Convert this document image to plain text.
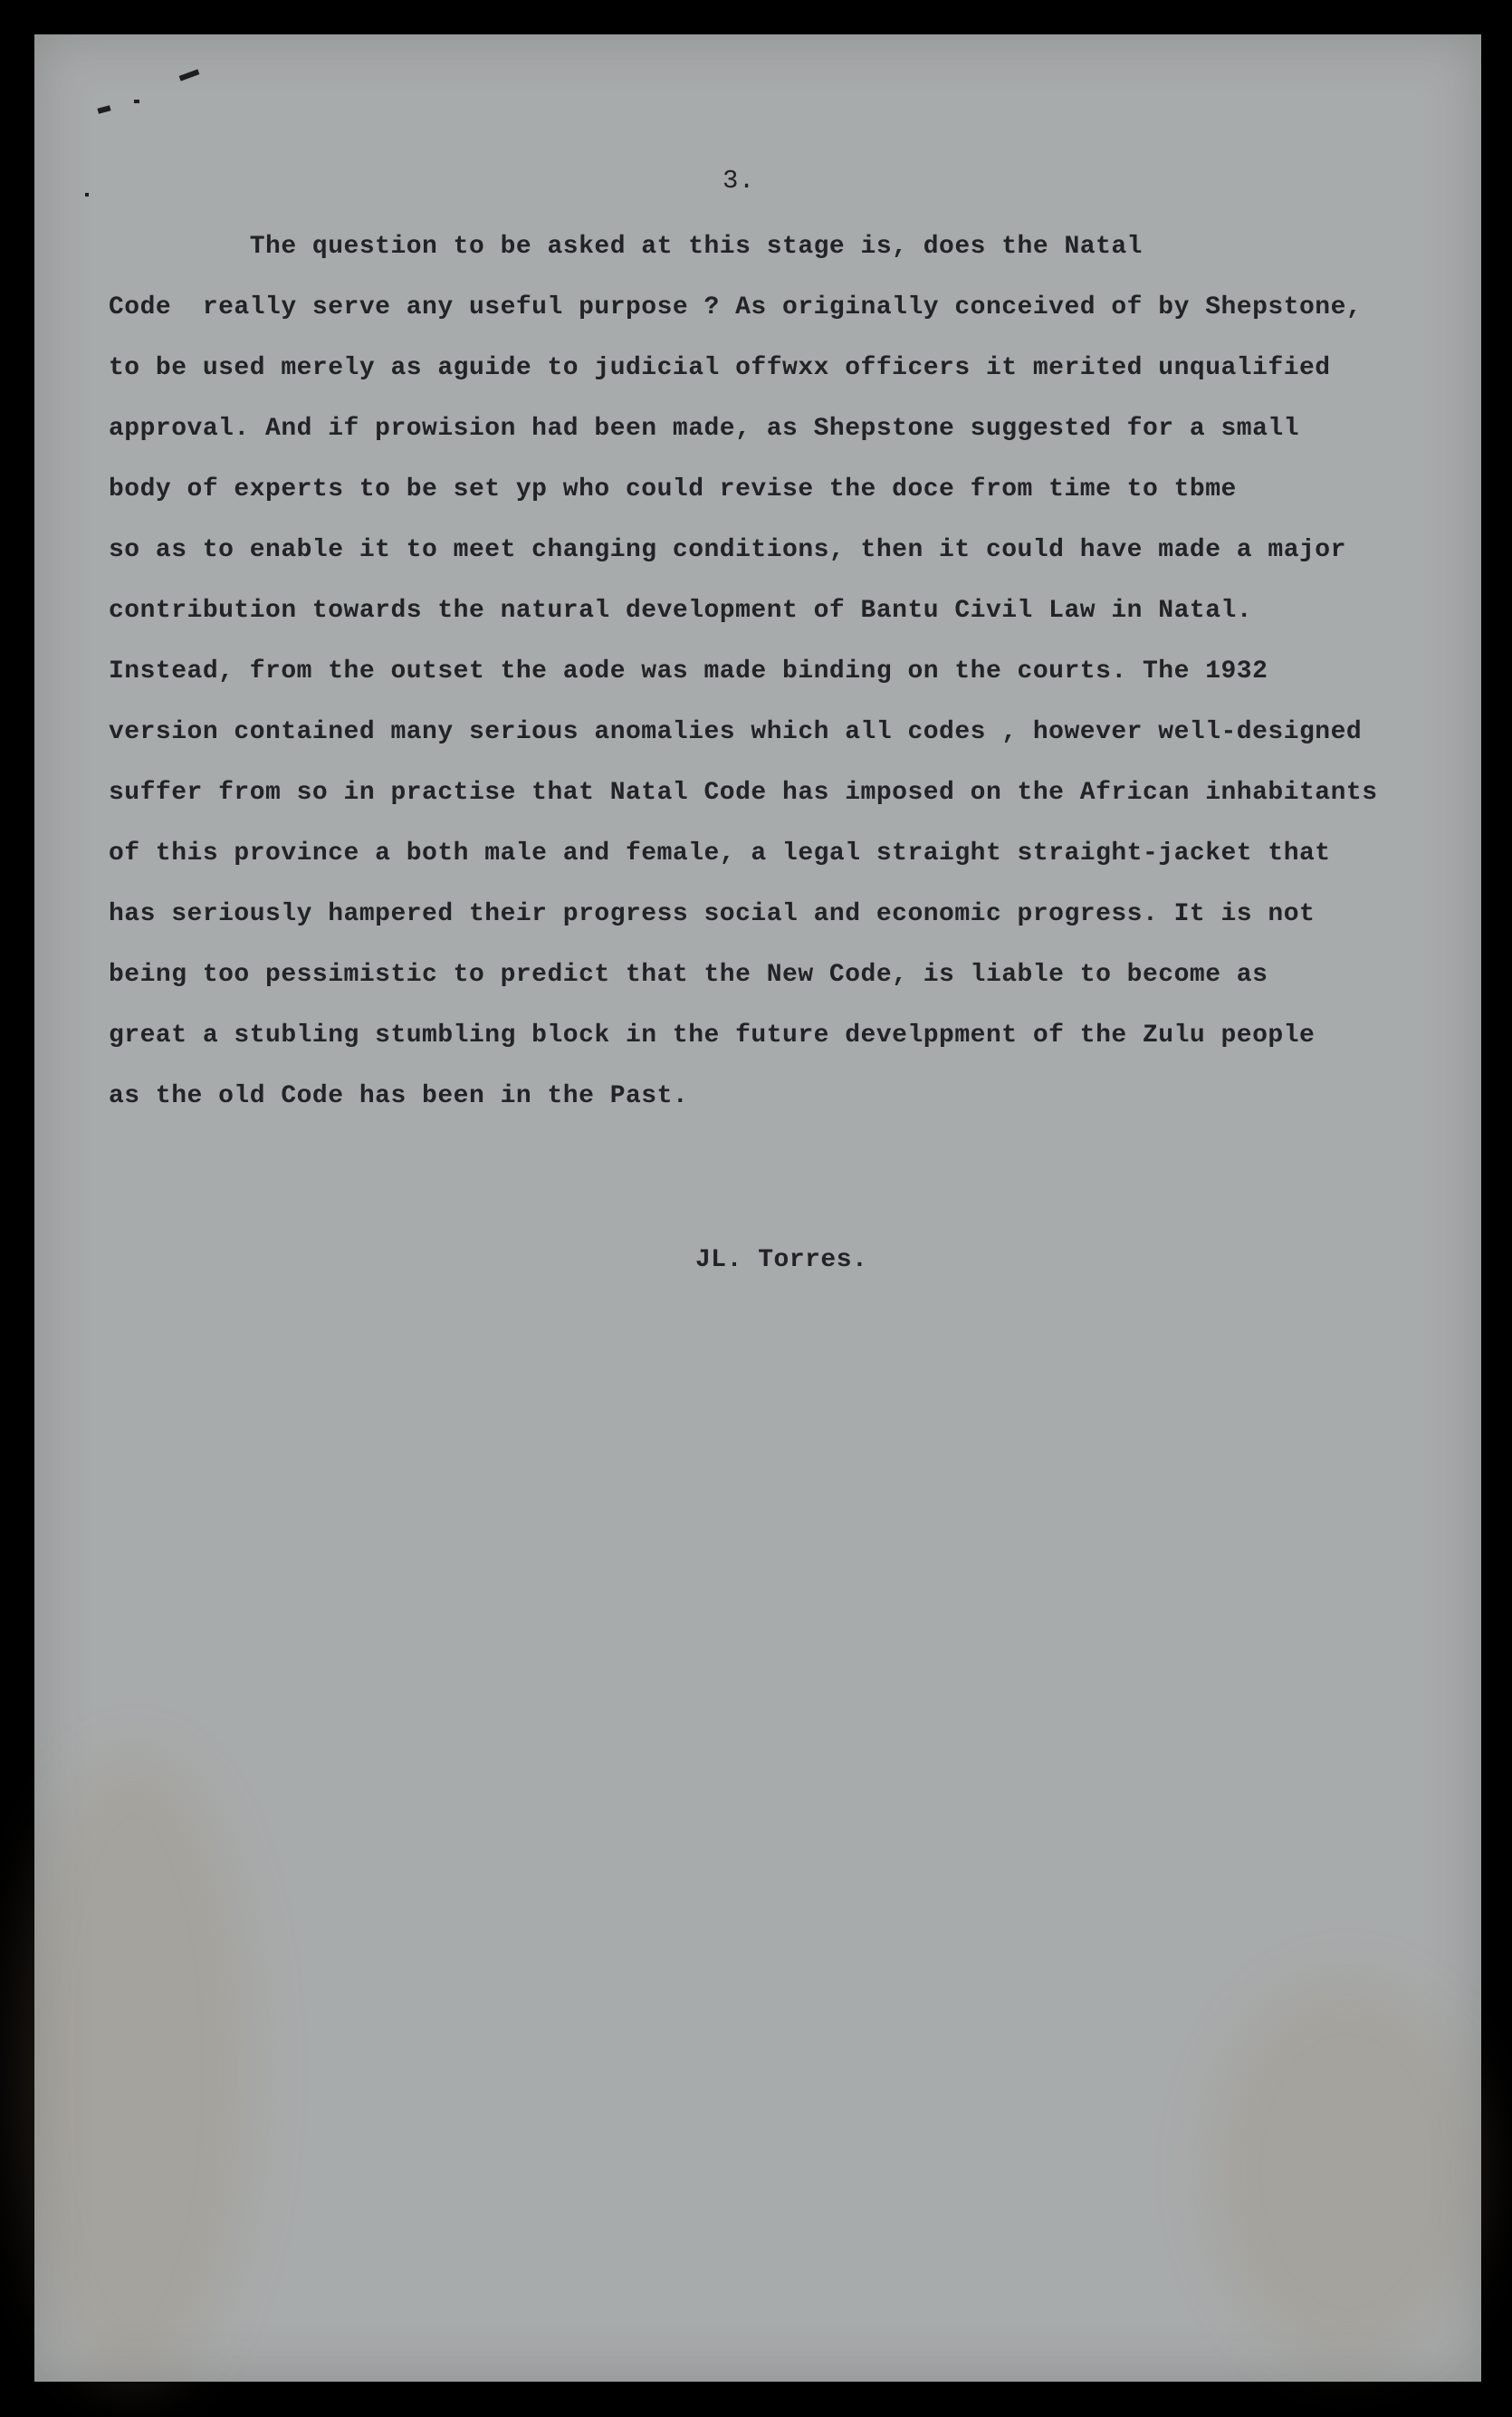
3.
The question to be asked at this stage is, does the Natal
Code  really serve any useful purpose ? As originally conceived of by Shepstone,
to be used merely as aguide to judicial offwxx officers it merited unqualified
approval. And if prowision had been made, as Shepstone suggested for a small
body of experts to be set yp who could revise the doce from time to tbme
so as to enable it to meet changing conditions, then it could have made a major
contribution towards the natural development of Bantu Civil Law in Natal.
Instead, from the outset the aode was made binding on the courts. The 1932
version contained many serious anomalies which all codes , however well-designed
suffer from so in practise that Natal Code has imposed on the African inhabitants
of this province a both male and female, a legal straight straight-jacket that
has seriously hampered their progress social and economic progress. It is not
being too pessimistic to predict that the New Code, is liable to become as
great a stubling stumbling block in the future develppment of the Zulu people
as the old Code has been in the Past.
JL. Torres.
